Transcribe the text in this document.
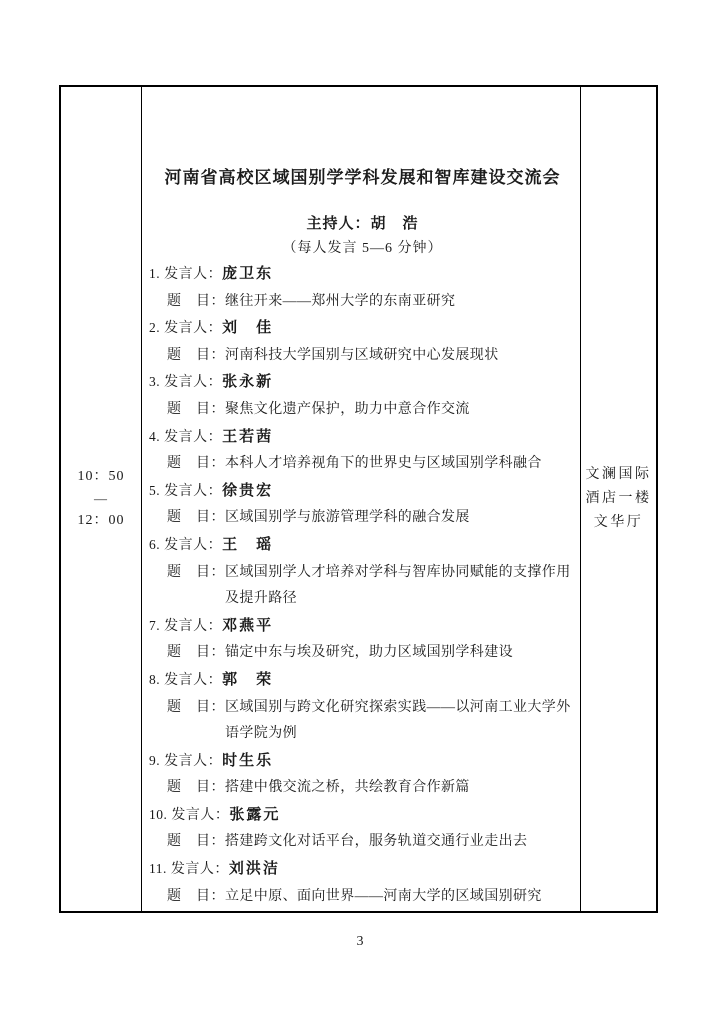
10：50
—
12：00
河南省高校区域国别学学科发展和智库建设交流会
主持人：胡　浩
（每人发言 5—6 分钟）
1. 发言人：庞卫东
题　目： 继往开来——郑州大学的东南亚研究
2. 发言人：刘　佳
题　目： 河南科技大学国别与区域研究中心发展现状
3. 发言人：张永新
题　目： 聚焦文化遗产保护，助力中意合作交流
4. 发言人：王若茜
题　目： 本科人才培养视角下的世界史与区域国别学科融合
5. 发言人：徐贵宏
题　目： 区域国别学与旅游管理学科的融合发展
6. 发言人：王　瑶
题　目： 区域国别学人才培养对学科与智库协同赋能的支撑作用及提升路径
7. 发言人：邓燕平
题　目： 锚定中东与埃及研究，助力区域国别学科建设
8. 发言人：郭　荣
题　目： 区域国别与跨文化研究探索实践——以河南工业大学外语学院为例
9. 发言人：时生乐
题　目： 搭建中俄交流之桥，共绘教育合作新篇
10. 发言人：张露元
题　目： 搭建跨文化对话平台，服务轨道交通行业走出去
11. 发言人：刘洪洁
题　目： 立足中原、面向世界——河南大学的区域国别研究
文澜国际
酒店一楼
文华厅
3
